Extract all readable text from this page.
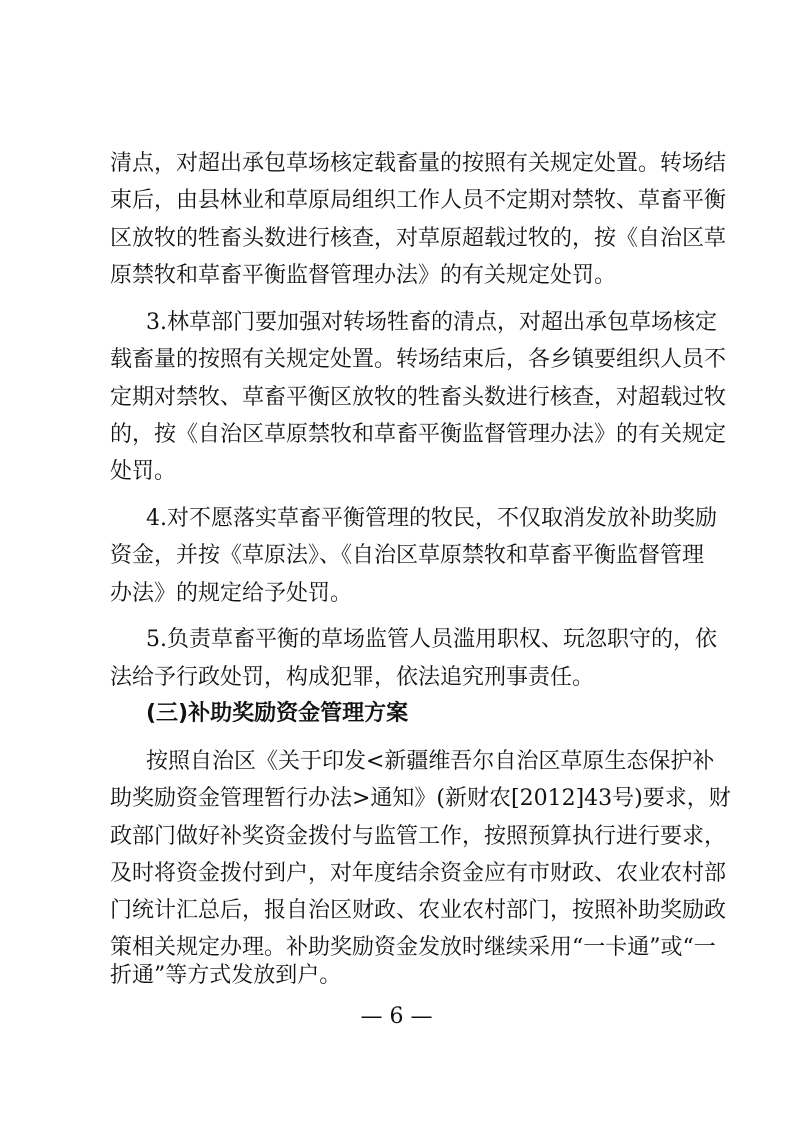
清点，对超出承包草场核定载畜量的按照有关规定处置。转场结
束后，由县林业和草原局组织工作人员不定期对禁牧、草畜平衡
区放牧的牲畜头数进行核查，对草原超载过牧的，按《自治区草
原禁牧和草畜平衡监督管理办法》的有关规定处罚。
3.林草部门要加强对转场牲畜的清点，对超出承包草场核定
载畜量的按照有关规定处置。转场结束后，各乡镇要组织人员不
定期对禁牧、草畜平衡区放牧的牲畜头数进行核查，对超载过牧
的，按《自治区草原禁牧和草畜平衡监督管理办法》的有关规定
处罚。
4.对不愿落实草畜平衡管理的牧民，不仅取消发放补助奖励
资金，并按《草原法》、《自治区草原禁牧和草畜平衡监督管理
办法》的规定给予处罚。
5.负责草畜平衡的草场监管人员滥用职权、玩忽职守的，依
法给予行政处罚，构成犯罪，依法追究刑事责任。
(三)补助奖励资金管理方案
按照自治区《关于印发<新疆维吾尔自治区草原生态保护补
助奖励资金管理暂行办法>通知》(新财农[2012]43号)要求，财
政部门做好补奖资金拨付与监管工作，按照预算执行进行要求，
及时将资金拨付到户，对年度结余资金应有市财政、农业农村部
门统计汇总后，报自治区财政、农业农村部门，按照补助奖励政
策相关规定办理。补助奖励资金发放时继续采用“一卡通”或“一
折通”等方式发放到户。
— 6 —
